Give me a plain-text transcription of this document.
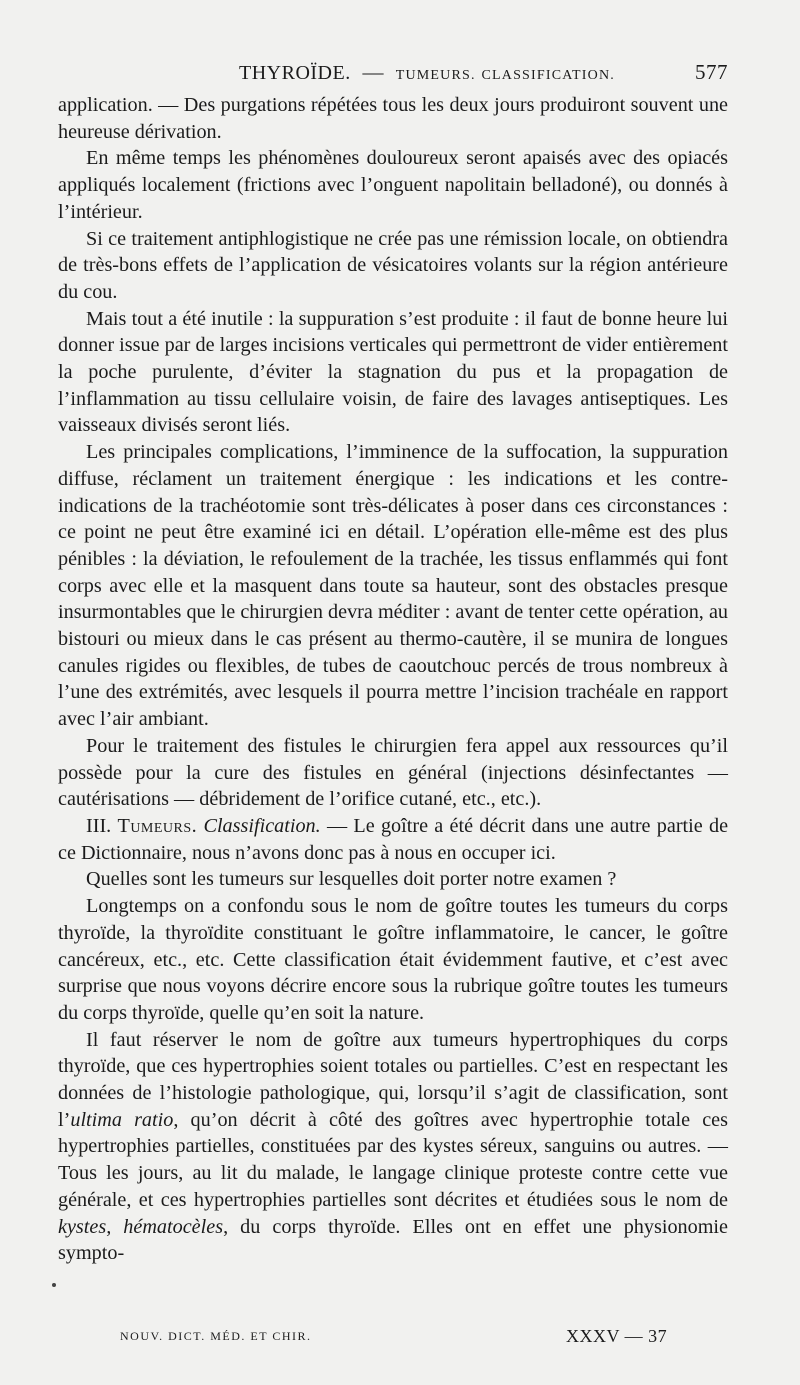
THYROÏDE. — TUMEURS. CLASSIFICATION.	577

application. — Des purgations répétées tous les deux jours produiront souvent une heureuse dérivation.

En même temps les phénomènes douloureux seront apaisés avec des opiacés appliqués localement (frictions avec l’onguent napolitain belladoné), ou donnés à l’intérieur.

Si ce traitement antiphlogistique ne crée pas une rémission locale, on obtiendra de très-bons effets de l’application de vésicatoires volants sur la région antérieure du cou.

Mais tout a été inutile : la suppuration s’est produite : il faut de bonne heure lui donner issue par de larges incisions verticales qui permettront de vider entièrement la poche purulente, d’éviter la stagnation du pus et la propagation de l’inflammation au tissu cellulaire voisin, de faire des lavages antiseptiques. Les vaisseaux divisés seront liés.

Les principales complications, l’imminence de la suffocation, la suppuration diffuse, réclament un traitement énergique : les indications et les contre-indications de la trachéotomie sont très-délicates à poser dans ces circonstances : ce point ne peut être examiné ici en détail. L’opération elle-même est des plus pénibles : la déviation, le refoulement de la trachée, les tissus enflammés qui font corps avec elle et la masquent dans toute sa hauteur, sont des obstacles presque insurmontables que le chirurgien devra méditer : avant de tenter cette opération, au bistouri ou mieux dans le cas présent au thermo-cautère, il se munira de longues canules rigides ou flexibles, de tubes de caoutchouc percés de trous nombreux à l’une des extrémités, avec lesquels il pourra mettre l’incision trachéale en rapport avec l’air ambiant.

Pour le traitement des fistules le chirurgien fera appel aux ressources qu’il possède pour la cure des fistules en général (injections désinfectantes — cautérisations — débridement de l’orifice cutané, etc., etc.).

III. Tumeurs. Classification. — Le goître a été décrit dans une autre partie de ce Dictionnaire, nous n’avons donc pas à nous en occuper ici.

Quelles sont les tumeurs sur lesquelles doit porter notre examen ?

Longtemps on a confondu sous le nom de goître toutes les tumeurs du corps thyroïde, la thyroïdite constituant le goître inflammatoire, le cancer, le goître cancéreux, etc., etc. Cette classification était évidemment fautive, et c’est avec surprise que nous voyons décrire encore sous la rubrique goître toutes les tumeurs du corps thyroïde, quelle qu’en soit la nature.

Il faut réserver le nom de goître aux tumeurs hypertrophiques du corps thyroïde, que ces hypertrophies soient totales ou partielles. C’est en respectant les données de l’histologie pathologique, qui, lorsqu’il s’agit de classification, sont l’ultima ratio, qu’on décrit à côté des goîtres avec hypertrophie totale ces hypertrophies partielles, constituées par des kystes séreux, sanguins ou autres. — Tous les jours, au lit du malade, le langage clinique proteste contre cette vue générale, et ces hypertrophies partielles sont décrites et étudiées sous le nom de kystes, hématocèles, du corps thyroïde. Elles ont en effet une physionomie sympto-

NOUV. DICT. MÉD. ET CHIR.	XXXV — 37
